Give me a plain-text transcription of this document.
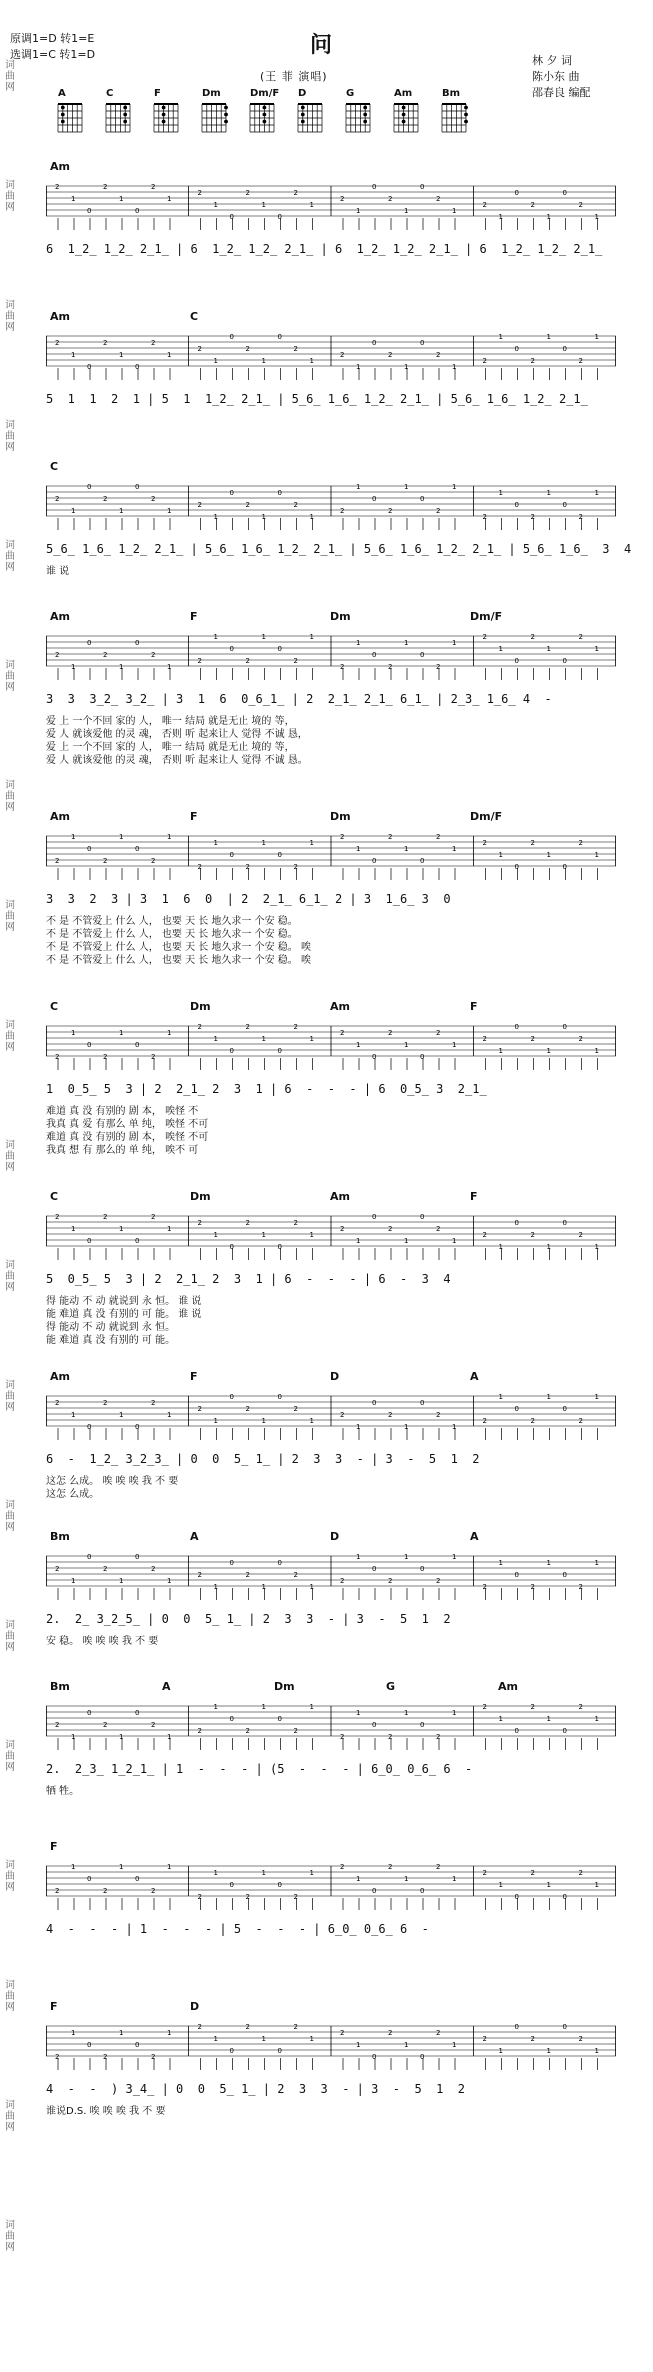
问
(王 菲 演唱)
原调1=D 转1=E
选调1=C 转1=D	林 夕 词
陈小东 曲
邵春良 编配
A	C	F	Dm	Dm/F D	G	Am	Bm
词
曲
网
词
曲
网
词
曲
网
词
曲
网
词
曲
网
词
曲
网
词
曲
网
词
曲
网
词
曲
网
词
曲
网
词
曲
网
词
曲
网
词
曲
网
词
曲
网
词
曲
网
词
曲
网
词
曲
网
词
曲
网
词
曲
网
Am
2
1
0
2
1
0
2
1
2
1
0
2
1
0
2
1
2
1
0
2
1
0
2
1
2
1
0
2
1
0
2
1
6  1̲2̲ 1̲2̲ 2̲1̲ | 6  1̲2̲ 1̲2̲ 2̲1̲ | 6  1̲2̲ 1̲2̲ 2̲1̲ | 6  1̲2̲ 1̲2̲ 2̲1̲
Am	C
2
1
0
2
1
0
2
1
2
1
0
2
1
0
2
1
2
1
0
2
1
0
2
1
2
1
0
2
1
0
2
1
5  1  1  2  1 | 5  1  1̲2̲ 2̲1̲ | 5̲6̲ 1̲6̲ 1̲2̲ 2̲1̲ | 5̲6̲ 1̲6̲ 1̲2̲ 2̲1̲
C
2
1
0
2
1
0
2
1
2
1
0
2
1
0
2
1
2
1
0
2
1
0
2
1
2
1
0
2
1
0
2
1
5̲6̲ 1̲6̲ 1̲2̲ 2̲1̲ | 5̲6̲ 1̲6̲ 1̲2̲ 2̲1̲ | 5̲6̲ 1̲6̲ 1̲2̲ 2̲1̲ | 5̲6̲ 1̲6̲  3  4
谁 说
Am	F	Dm	Dm/F
2
1
0
2
1
0
2
1
2
1
0
2
1
0
2
1
2
1
0
2
1
0
2
1
2
1
0
2
1
0
2
1
3  3  3̲2̲ 3̲2̲ | 3  1  6  0̲6̲1̲ | 2  2̲1̲ 2̲1̲ 6̲1̲ | 2̲3̲ 1̲6̲ 4  -
爱 上 一个不回 家的 人， 唯一 结局 就是无止 境的 等，
爱 人 就该爱他 的灵 魂， 否则 听 起来让人 觉得 不诚 恳，
爱 上 一个不回 家的 人， 唯一 结局 就是无止 境的 等，
爱 人 就该爱他 的灵 魂， 否则 听 起来让人 觉得 不诚 恳。
Am	F	Dm	Dm/F
2
1
0
2
1
0
2
1
2
1
0
2
1
0
2
1
2
1
0
2
1
0
2
1
2
1
0
2
1
0
2
1
3  3  2  3 | 3  1  6  0  | 2  2̲1̲ 6̲1̲ 2 | 3  1̲6̲ 3  0
不 是 不管爱上 什么 人， 也要 天 长 地久求一 个安 稳。
不 是 不管爱上 什么 人， 也要 天 长 地久求一 个安 稳。
不 是 不管爱上 什么 人， 也要 天 长 地久求一 个安 稳。 唉
不 是 不管爱上 什么 人， 也要 天 长 地久求一 个安 稳。 唉
C	Dm	Am	F
2
1
0
2
1
0
2
1
2
1
0
2
1
0
2
1
2
1
0
2
1
0
2
1
2
1
0
2
1
0
2
1
1  0̲5̲ 5  3 | 2  2̲1̲ 2  3  1 | 6  -  -  - | 6  0̲5̲ 3  2̲1̲
难道 真 没 有别的 剧 本， 唉怪 不
我真 真 爱 有那么 单 纯， 唉怪 不可
难道 真 没 有别的 剧 本， 唉怪 不可
我真 想 有 那么的 单 纯， 唉不 可
C	Dm	Am	F
2
1
0
2
1
0
2
1
2
1
0
2
1
0
2
1
2
1
0
2
1
0
2
1
2
1
0
2
1
0
2
1
5  0̲5̲ 5  3 | 2  2̲1̲ 2  3  1 | 6  -  -  - | 6  -  3  4
得 能动 不 动 就说到 永 恒。 谁 说
能 难道 真 没 有别的 可 能。 谁 说
得 能动 不 动 就说到 永 恒。
能 难道 真 没 有别的 可 能。
Am	F	D	A
2
1
0
2
1
0
2
1
2
1
0
2
1
0
2
1
2
1
0
2
1
0
2
1
2
1
0
2
1
0
2
1
6  -  1̲2̲ 3̲2̲3̲ | 0  0  5̲ 1̲ | 2  3  3  - | 3  -  5  1  2
这怎 么成。 唉 唉 唉 我 不 要
这怎 么成。
Bm	A	D	A
2
1
0
2
1
0
2
1
2
1
0
2
1
0
2
1
2
1
0
2
1
0
2
1
2
1
0
2
1
0
2
1
2.  2̲ 3̲2̲5̲ | 0  0  5̲ 1̲ | 2  3  3  - | 3  -  5  1  2
安 稳。 唉 唉 唉 我 不 要
Bm	A	Dm	G	Am
2
1
0
2
1
0
2
1
2
1
0
2
1
0
2
1
2
1
0
2
1
0
2
1
2
1
0
2
1
0
2
1
2.  2̲3̲ 1̲2̲1̲ | 1  -  -  - | (5  -  -  - | 6̲0̲ 0̲6̲ 6  -
牺 牲。
F
2
1
0
2
1
0
2
1
2
1
0
2
1
0
2
1
2
1
0
2
1
0
2
1
2
1
0
2
1
0
2
1
4  -  -  - | 1  -  -  - | 5  -  -  - | 6̲0̲ 0̲6̲ 6  -
F	D
2
1
0
2
1
0
2
1
2
1
0
2
1
0
2
1
2
1
0
2
1
0
2
1
2
1
0
2
1
0
2
1
4  -  -  ) 3̲4̲ | 0  0  5̲ 1̲ | 2  3  3  - | 3  -  5  1  2
谁说D.S. 唉 唉 唉 我 不 要
